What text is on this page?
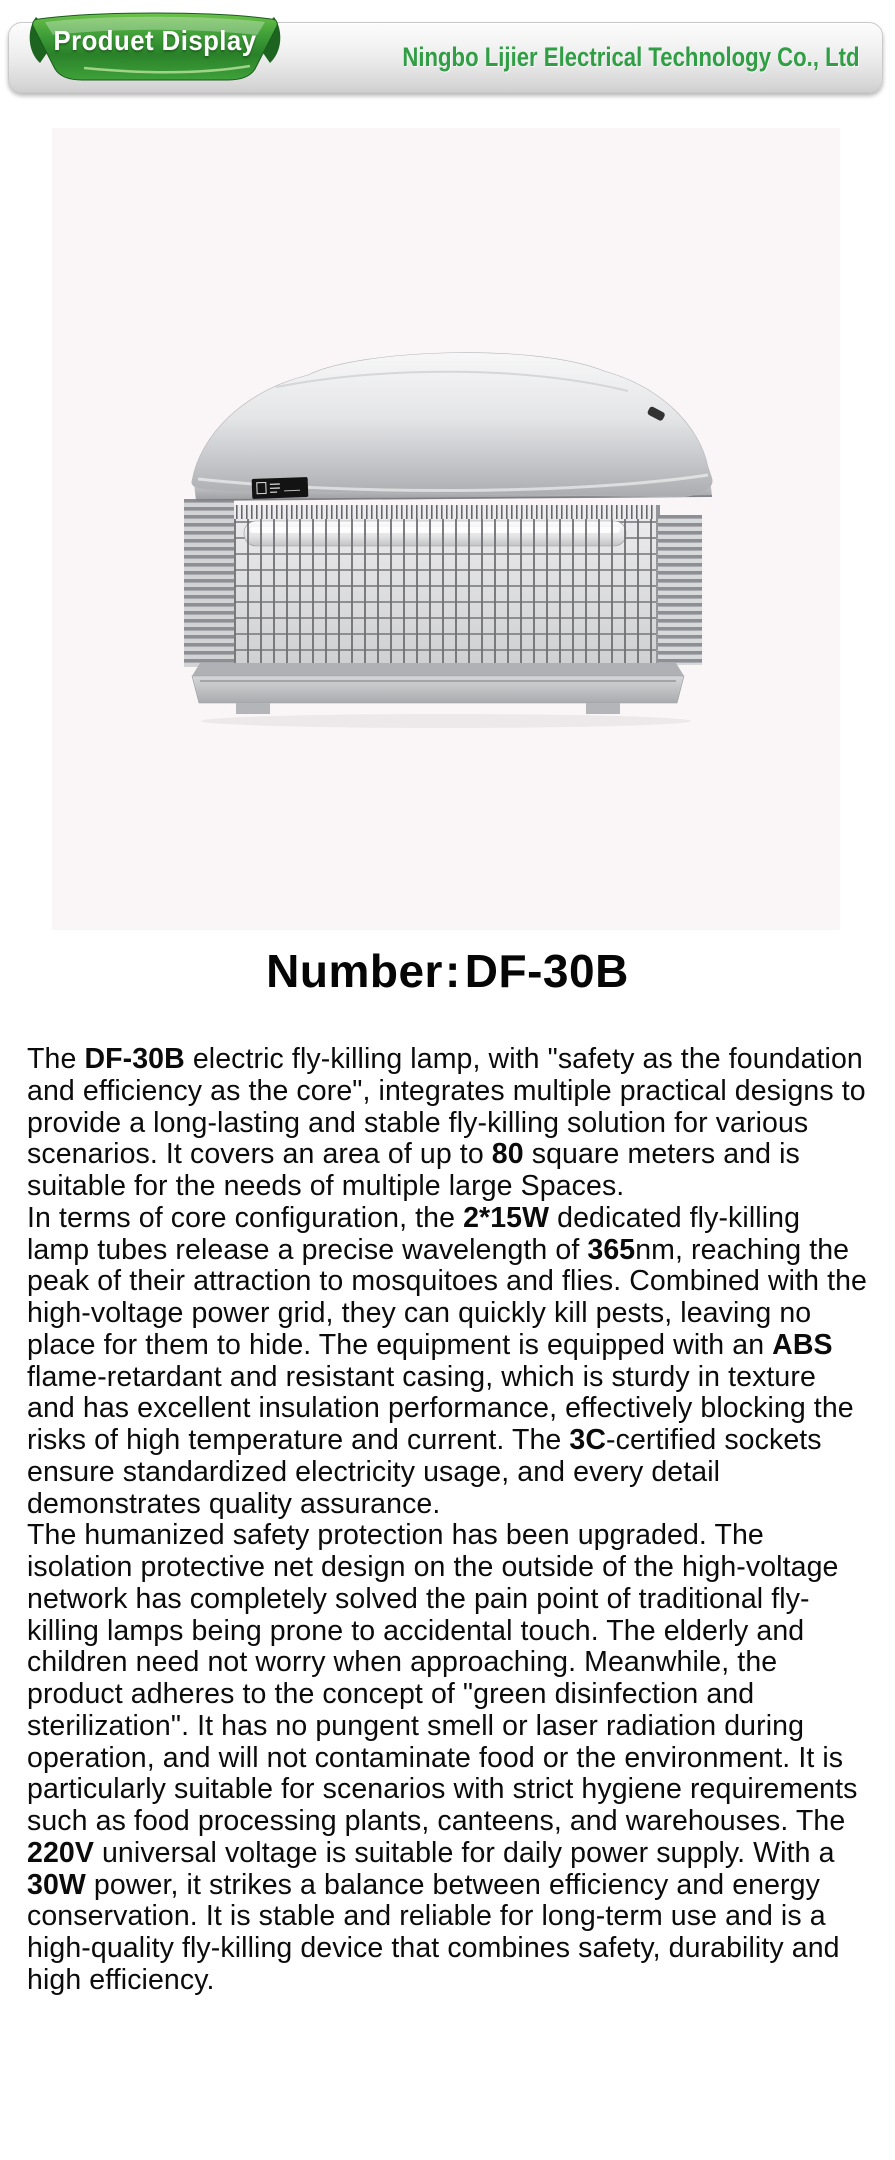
Ningbo Lijier Electrical Technology Co., Ltd
Produet Display
Number:DF-30B
The DF-30B electric fly-killing lamp, with "safety as the foundation and efficiency as the core", integrates multiple practical designs to provide a long-lasting and stable fly-killing solution for various scenarios. It covers an area of up to 80 square meters and is suitable for the needs of multiple large Spaces.
In terms of core configuration, the 2*15W dedicated fly-killing lamp tubes release a precise wavelength of 365nm, reaching the peak of their attraction to mosquitoes and flies. Combined with the high-voltage power grid, they can quickly kill pests, leaving no place for them to hide. The equipment is equipped with an ABS flame-retardant and resistant casing, which is sturdy in texture and has excellent insulation performance, effectively blocking the risks of high temperature and current. The 3C-certified sockets ensure standardized electricity usage, and every detail demonstrates quality assurance.
The humanized safety protection has been upgraded. The isolation protective net design on the outside of the high-voltage network has completely solved the pain point of traditional fly-killing lamps being prone to accidental touch. The elderly and children need not worry when approaching. Meanwhile, the product adheres to the concept of "green disinfection and sterilization". It has no pungent smell or laser radiation during operation, and will not contaminate food or the environment. It is particularly suitable for scenarios with strict hygiene requirements such as food processing plants, canteens, and warehouses. The 220V universal voltage is suitable for daily power supply. With a 30W power, it strikes a balance between efficiency and energy conservation. It is stable and reliable for long-term use and is a high-quality fly-killing device that combines safety, durability and high efficiency.
